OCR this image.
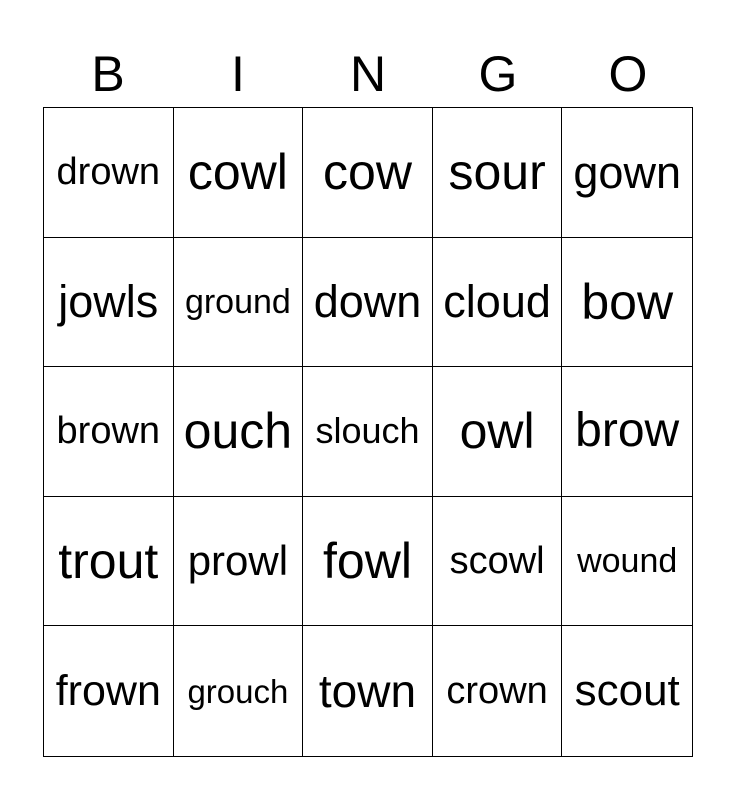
B	I	N	G	O
drown cowl cow sour gown
jowls ground down cloud bow
brown ouch slouch owl brow
trout prowl fowl scowl wound
frown grouch town crown scout
